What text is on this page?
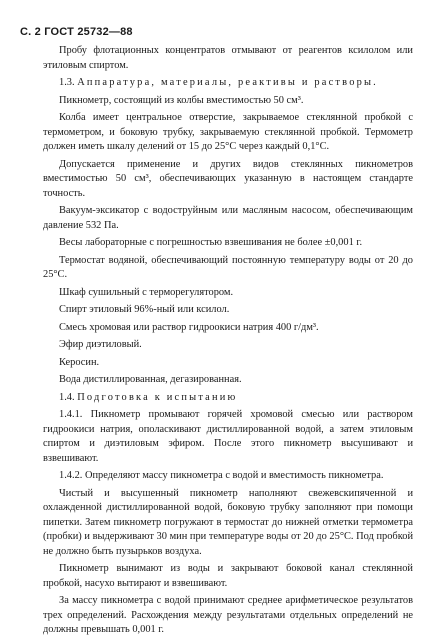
С. 2 ГОСТ 25732—88

Пробу флотационных концентратов отмывают от реагентов ксилолом или этиловым спиртом.

1.3. Аппаратура, материалы, реактивы и растворы.

Пикнометр, состоящий из колбы вместимостью 50 см³.

Колба имеет центральное отверстие, закрываемое стеклянной пробкой с термометром, и боковую трубку, закрываемую стеклянной пробкой. Термометр должен иметь шкалу делений от 15 до 25°С через каждый 0,1°С.

Допускается применение и других видов стеклянных пикнометров вместимостью 50 см³, обеспечивающих указанную в настоящем стандарте точность.

Вакуум-эксикатор с водоструйным или масляным насосом, обеспечивающим давление 532 Па.

Весы лабораторные с погрешностью взвешивания не более ±0,001 г.

Термостат водяной, обеспечивающий постоянную температуру воды от 20 до 25°С.

Шкаф сушильный с терморегулятором.

Спирт этиловый 96%-ный или ксилол.

Смесь хромовая или раствор гидроокиси натрия 400 г/дм³.

Эфир диэтиловый.

Керосин.

Вода дистиллированная, дегазированная.

1.4. Подготовка к испытанию

1.4.1. Пикнометр промывают горячей хромовой смесью или раствором гидроокиси натрия, ополаскивают дистиллированной водой, а затем этиловым спиртом и диэтиловым эфиром. После этого пикнометр высушивают и взвешивают.

1.4.2. Определяют массу пикнометра с водой и вместимость пикнометра.

Чистый и высушенный пикнометр наполняют свежевскипяченной и охлажденной дистиллированной водой, боковую трубку заполняют при помощи пипетки. Затем пикнометр погружают в термостат до нижней отметки термометра (пробки) и выдерживают 30 мин при температуре воды от 20 до 25°С. Под пробкой не должно быть пузырьков воздуха.

Пикнометр вынимают из воды и закрывают боковой канал стеклянной пробкой, насухо вытирают и взвешивают.

За массу пикнометра с водой принимают среднее арифметическое результатов трех определений. Расхождения между результатами отдельных определений не должны превышать 0,001 г.
